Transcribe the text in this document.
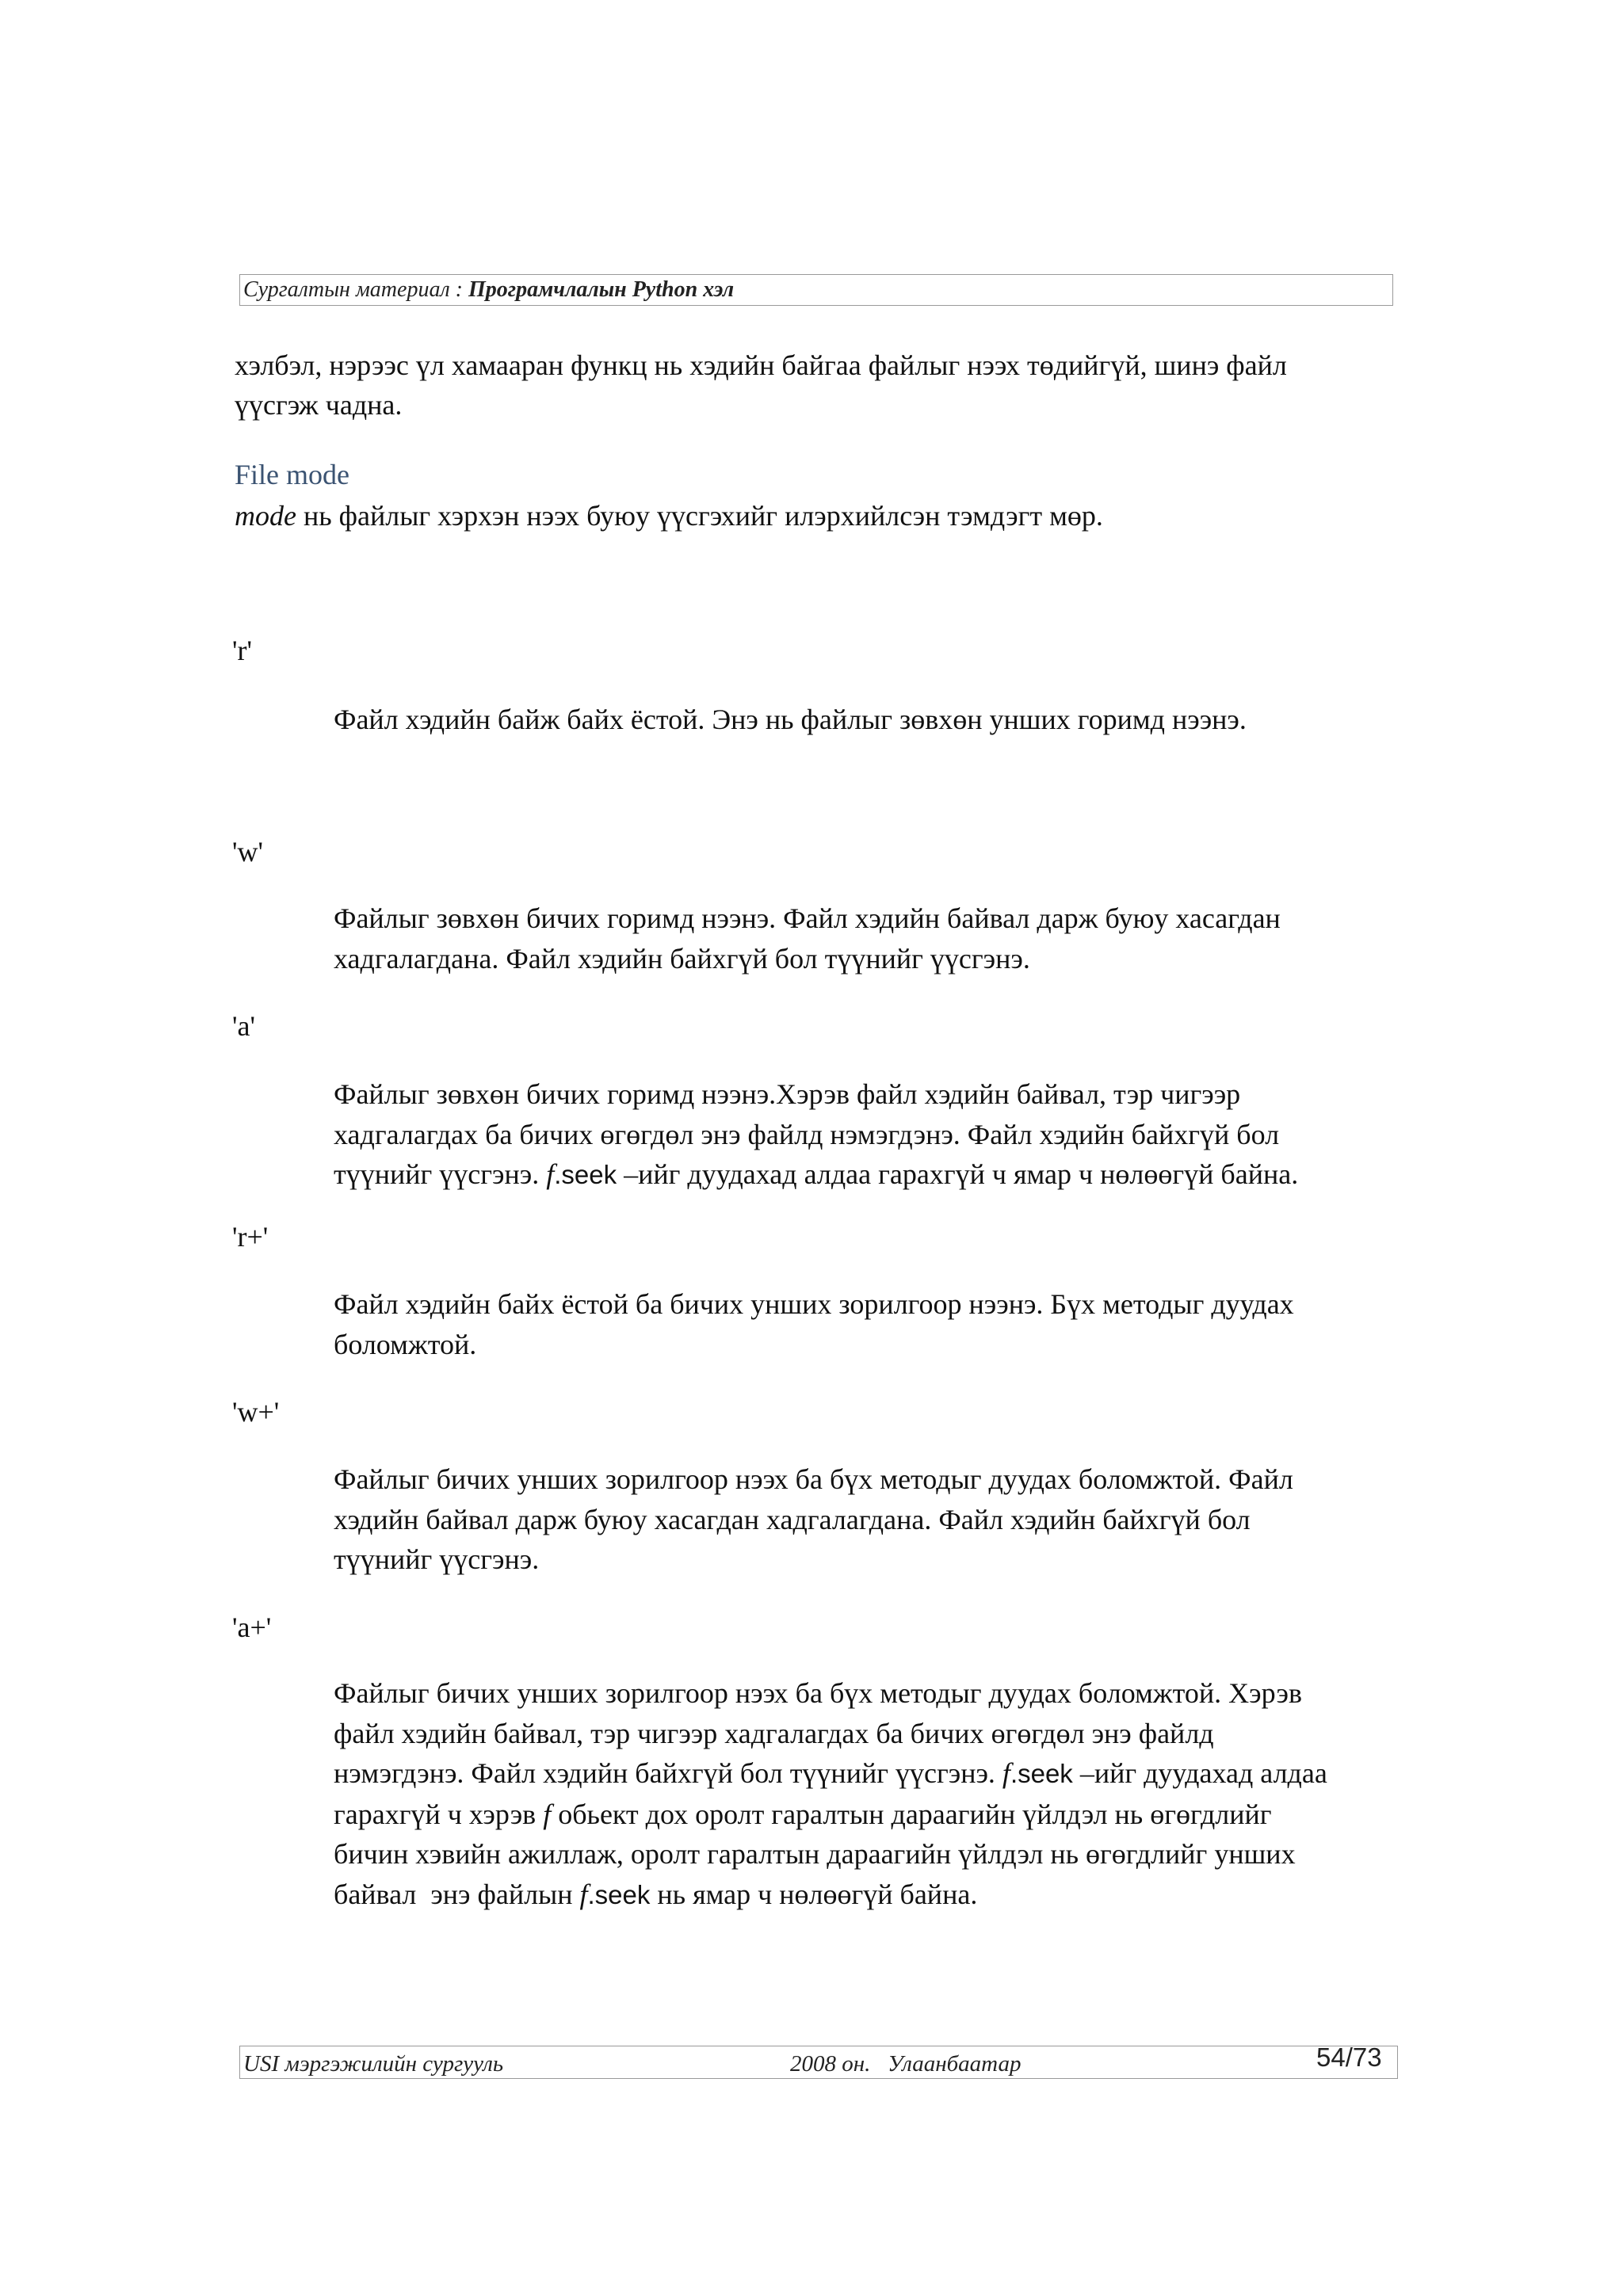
Сургалтын материал : Програмчлалын Python хэл
хэлбэл, нэрээс үл хамааран функц нь хэдийн байгаа файлыг нээх төдийгүй, шинэ файл
үүсгэж чадна.
File mode
mode нь файлыг хэрхэн нээх буюу үүсгэхийг илэрхийлсэн тэмдэгт мөр.
'r'
Файл хэдийн байж байх ёстой. Энэ нь файлыг зөвхөн унших горимд нээнэ.
'w'
Файлыг зөвхөн бичих горимд нээнэ. Файл хэдийн байвал дарж буюу хасагдан
хадгалагдана. Файл хэдийн байхгүй бол түүнийг үүсгэнэ.
'a'
Файлыг зөвхөн бичих горимд нээнэ.Хэрэв файл хэдийн байвал, тэр чигээр
хадгалагдах ба бичих өгөгдөл энэ файлд нэмэгдэнэ. Файл хэдийн байхгүй бол
түүнийг үүсгэнэ. f.seek –ийг дуудахад алдаа гарахгүй ч ямар ч нөлөөгүй байна.
'r+'
Файл хэдийн байх ёстой ба бичих унших зорилгоор нээнэ. Бүх методыг дуудах
боломжтой.
'w+'
Файлыг бичих унших зорилгоор нээх ба бүх методыг дуудах боломжтой. Файл
хэдийн байвал дарж буюу хасагдан хадгалагдана. Файл хэдийн байхгүй бол
түүнийг үүсгэнэ.
'a+'
Файлыг бичих унших зорилгоор нээх ба бүх методыг дуудах боломжтой. Хэрэв
файл хэдийн байвал, тэр чигээр хадгалагдах ба бичих өгөгдөл энэ файлд
нэмэгдэнэ. Файл хэдийн байхгүй бол түүнийг үүсгэнэ. f.seek –ийг дуудахад алдаа
гарахгүй ч хэрэв f обьект дох оролт гаралтын дараагийн үйлдэл нь өгөгдлийг
бичин хэвийн ажиллаж, оролт гаралтын дараагийн үйлдэл нь өгөгдлийг унших
байвал  энэ файлын f.seek нь ямар ч нөлөөгүй байна.
USI мэргэжилийн сургууль	2008 он.   Улаанбаатар	54/73
